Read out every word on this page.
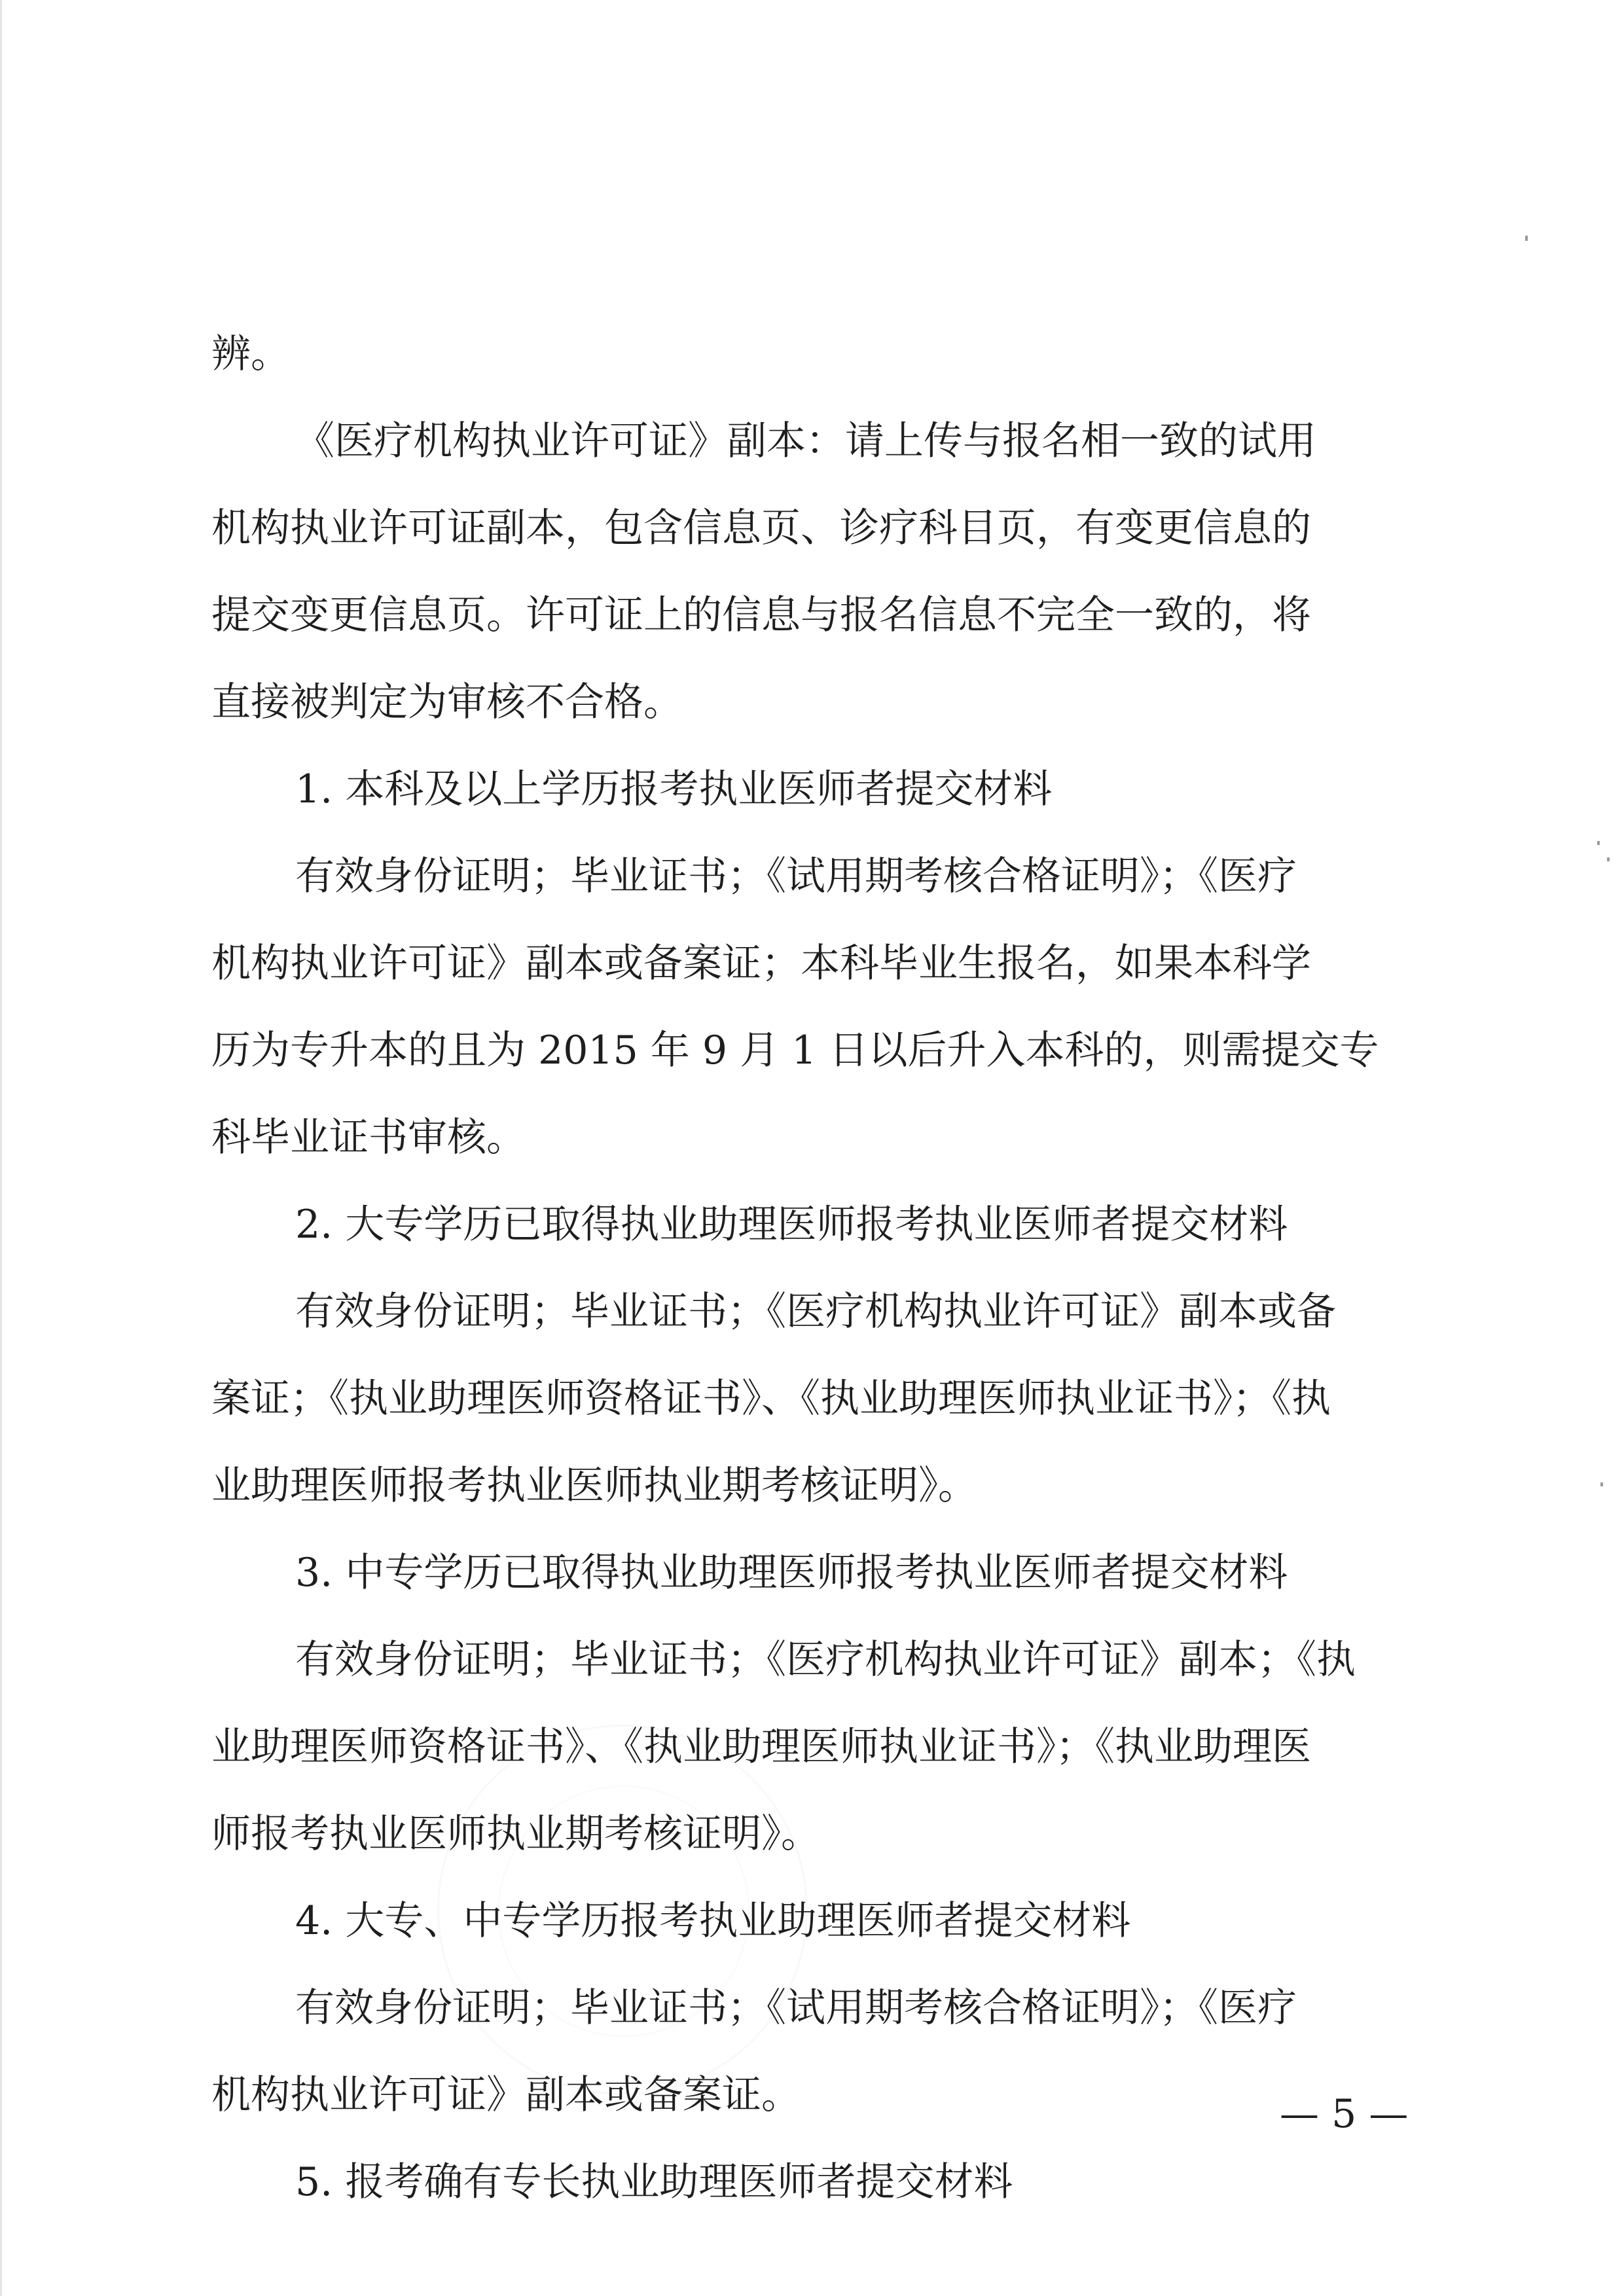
辨。
《医疗机构执业许可证》副本：请上传与报名相一致的试用
机构执业许可证副本，包含信息页、诊疗科目页，有变更信息的
提交变更信息页。许可证上的信息与报名信息不完全一致的，将
直接被判定为审核不合格。
1. 本科及以上学历报考执业医师者提交材料
有效身份证明；毕业证书；《试用期考核合格证明》；《医疗
机构执业许可证》副本或备案证；本科毕业生报名，如果本科学
历为专升本的且为 2015 年 9 月 1 日以后升入本科的，则需提交专
科毕业证书审核。
2. 大专学历已取得执业助理医师报考执业医师者提交材料
有效身份证明；毕业证书；《医疗机构执业许可证》副本或备
案证；《执业助理医师资格证书》、《执业助理医师执业证书》；《执
业助理医师报考执业医师执业期考核证明》。
3. 中专学历已取得执业助理医师报考执业医师者提交材料
有效身份证明；毕业证书；《医疗机构执业许可证》副本；《执
业助理医师资格证书》、《执业助理医师执业证书》；《执业助理医
师报考执业医师执业期考核证明》。
4. 大专、中专学历报考执业助理医师者提交材料
有效身份证明；毕业证书；《试用期考核合格证明》；《医疗
机构执业许可证》副本或备案证。
5. 报考确有专长执业助理医师者提交材料
— 5 —
